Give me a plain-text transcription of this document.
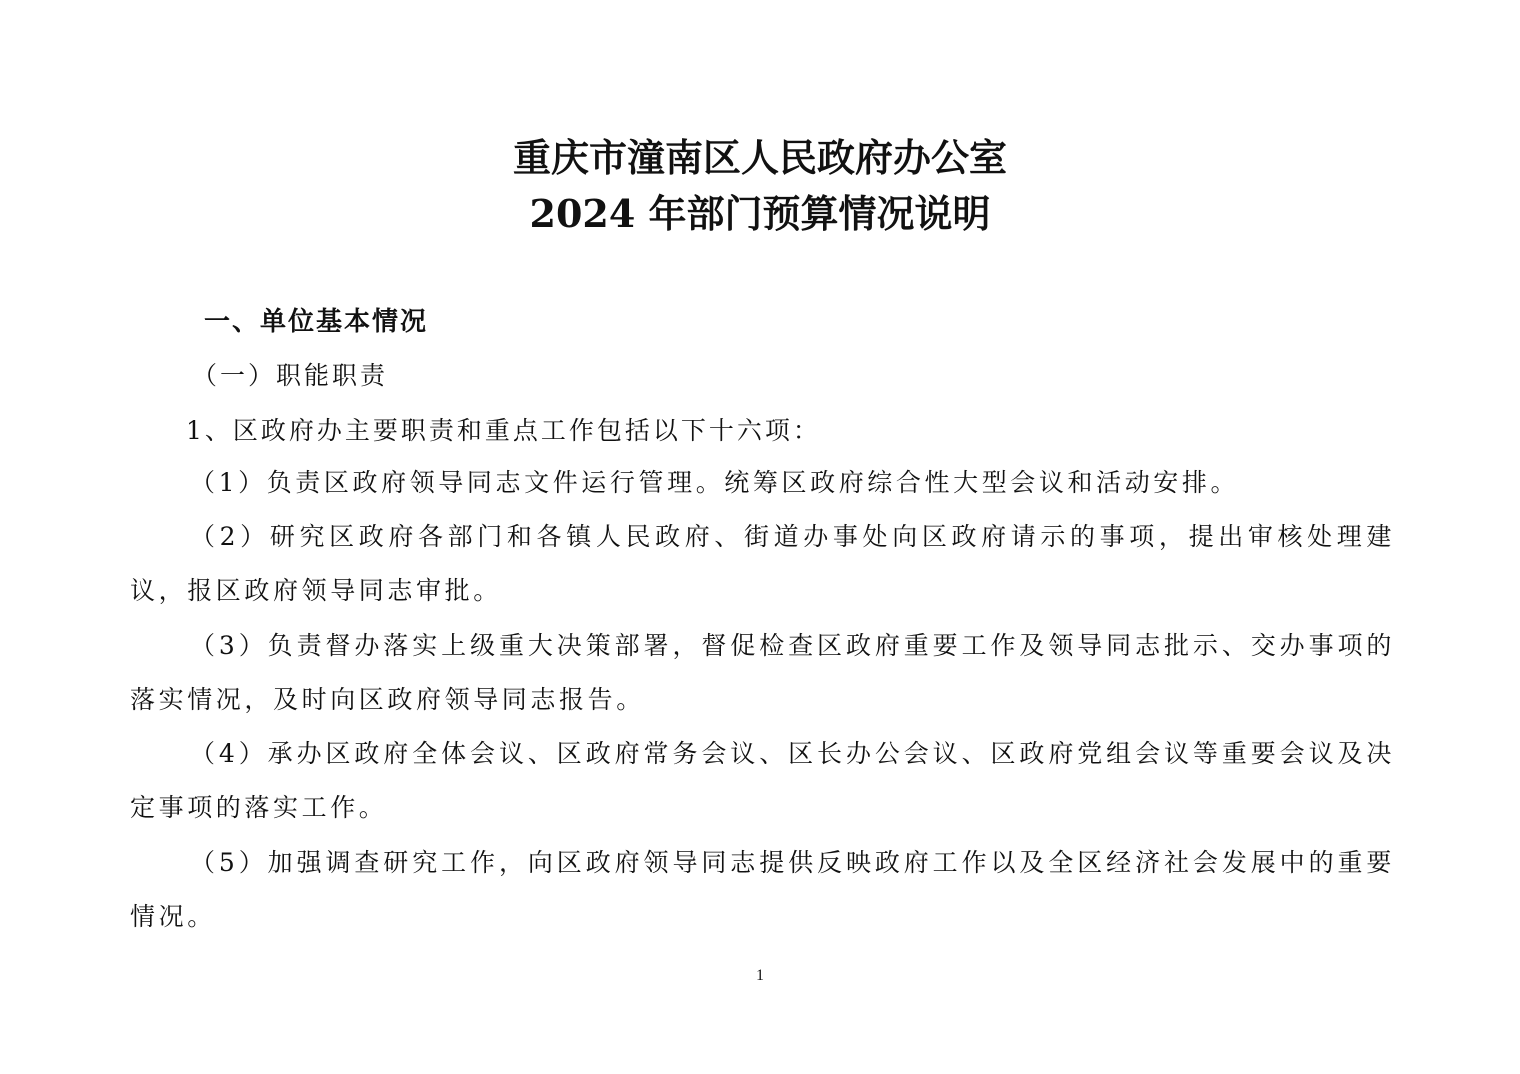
重庆市潼南区人民政府办公室
2024 年部门预算情况说明
一、单位基本情况
（一）职能职责
1、区政府办主要职责和重点工作包括以下十六项：

（1）负责区政府领导同志文件运行管理。统筹区政府综合性大型会议和活动安排。

（2）研究区政府各部门和各镇人民政府、街道办事处向区政府请示的事项，提出审核处理建议，报区政府领导同志审批。

（3）负责督办落实上级重大决策部署，督促检查区政府重要工作及领导同志批示、交办事项的落实情况，及时向区政府领导同志报告。

（4）承办区政府全体会议、区政府常务会议、区长办公会议、区政府党组会议等重要会议及决定事项的落实工作。

（5）加强调查研究工作，向区政府领导同志提供反映政府工作以及全区经济社会发展中的重要情况。

1
